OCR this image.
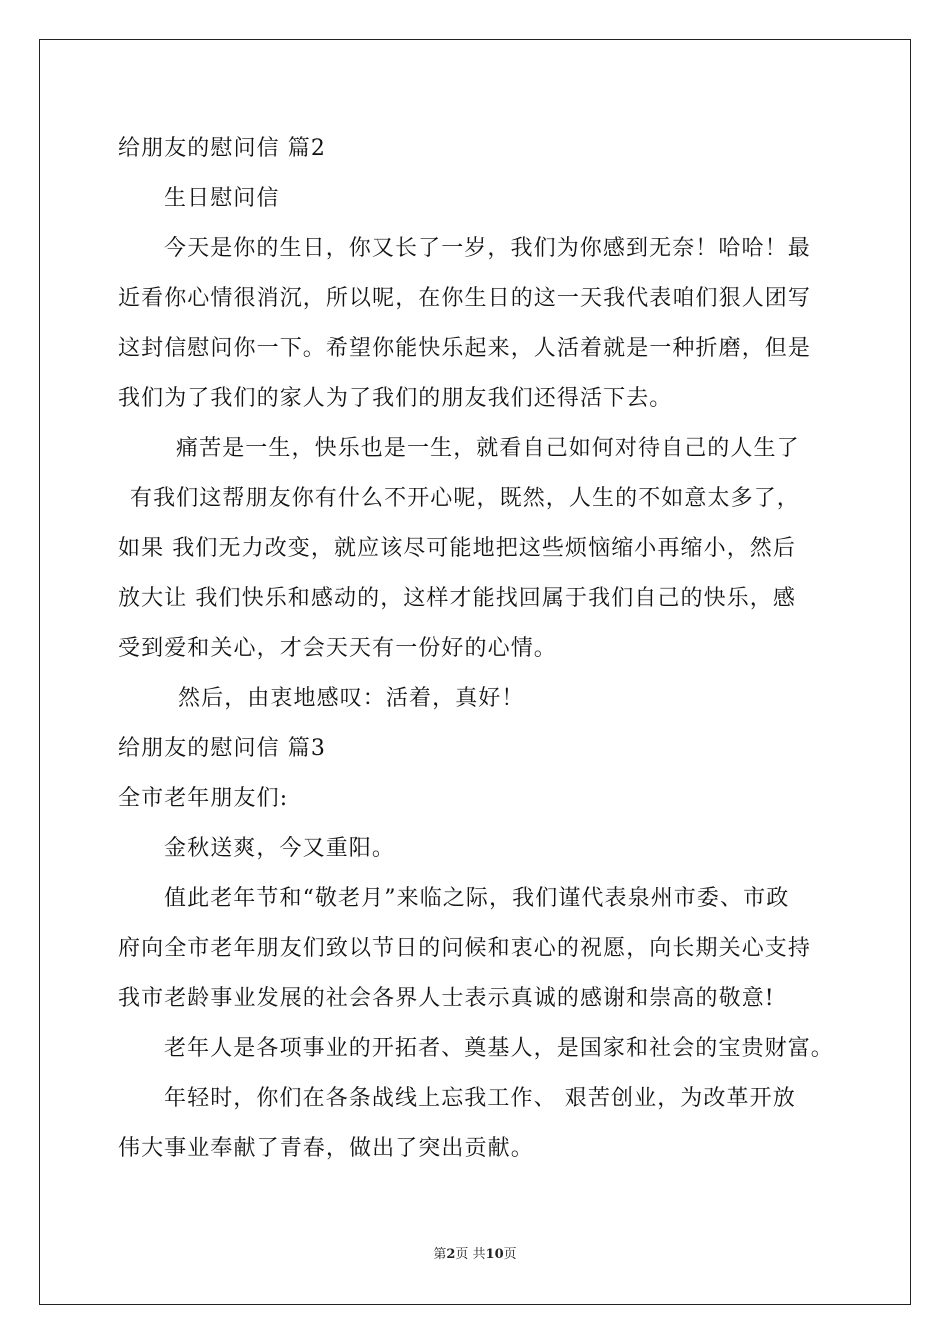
给朋友的慰问信 篇2
生日慰问信
今天是你的生日，你又长了一岁，我们为你感到无奈！哈哈！最
近看你心情很消沉，所以呢，在你生日的这一天我代表咱们狠人团写
这封信慰问你一下。希望你能快乐起来，人活着就是一种折磨，但是
我们为了我们的家人为了我们的朋友我们还得活下去。
痛苦是一生，快乐也是一生，就看自己如何对待自己的人生了
有我们这帮朋友你有什么不开心呢，既然，人生的不如意太多了，
如果 我们无力改变，就应该尽可能地把这些烦恼缩小再缩小，然后
放大让 我们快乐和感动的，这样才能找回属于我们自己的快乐，感
受到爱和关心，才会天天有一份好的心情。
然后，由衷地感叹：活着，真好！
给朋友的慰问信 篇3
全市老年朋友们:
金秋送爽，今又重阳。
值此老年节和“敬老月”来临之际，我们谨代表泉州市委、市政
府向全市老年朋友们致以节日的问候和衷心的祝愿，向长期关心支持
我市老龄事业发展的社会各界人士表示真诚的感谢和崇高的敬意!
老年人是各项事业的开拓者、奠基人，是国家和社会的宝贵财富。
年轻时，你们在各条战线上忘我工作、 艰苦创业，为改革开放
伟大事业奉献了青春，做出了突出贡献。
第2页 共10页
